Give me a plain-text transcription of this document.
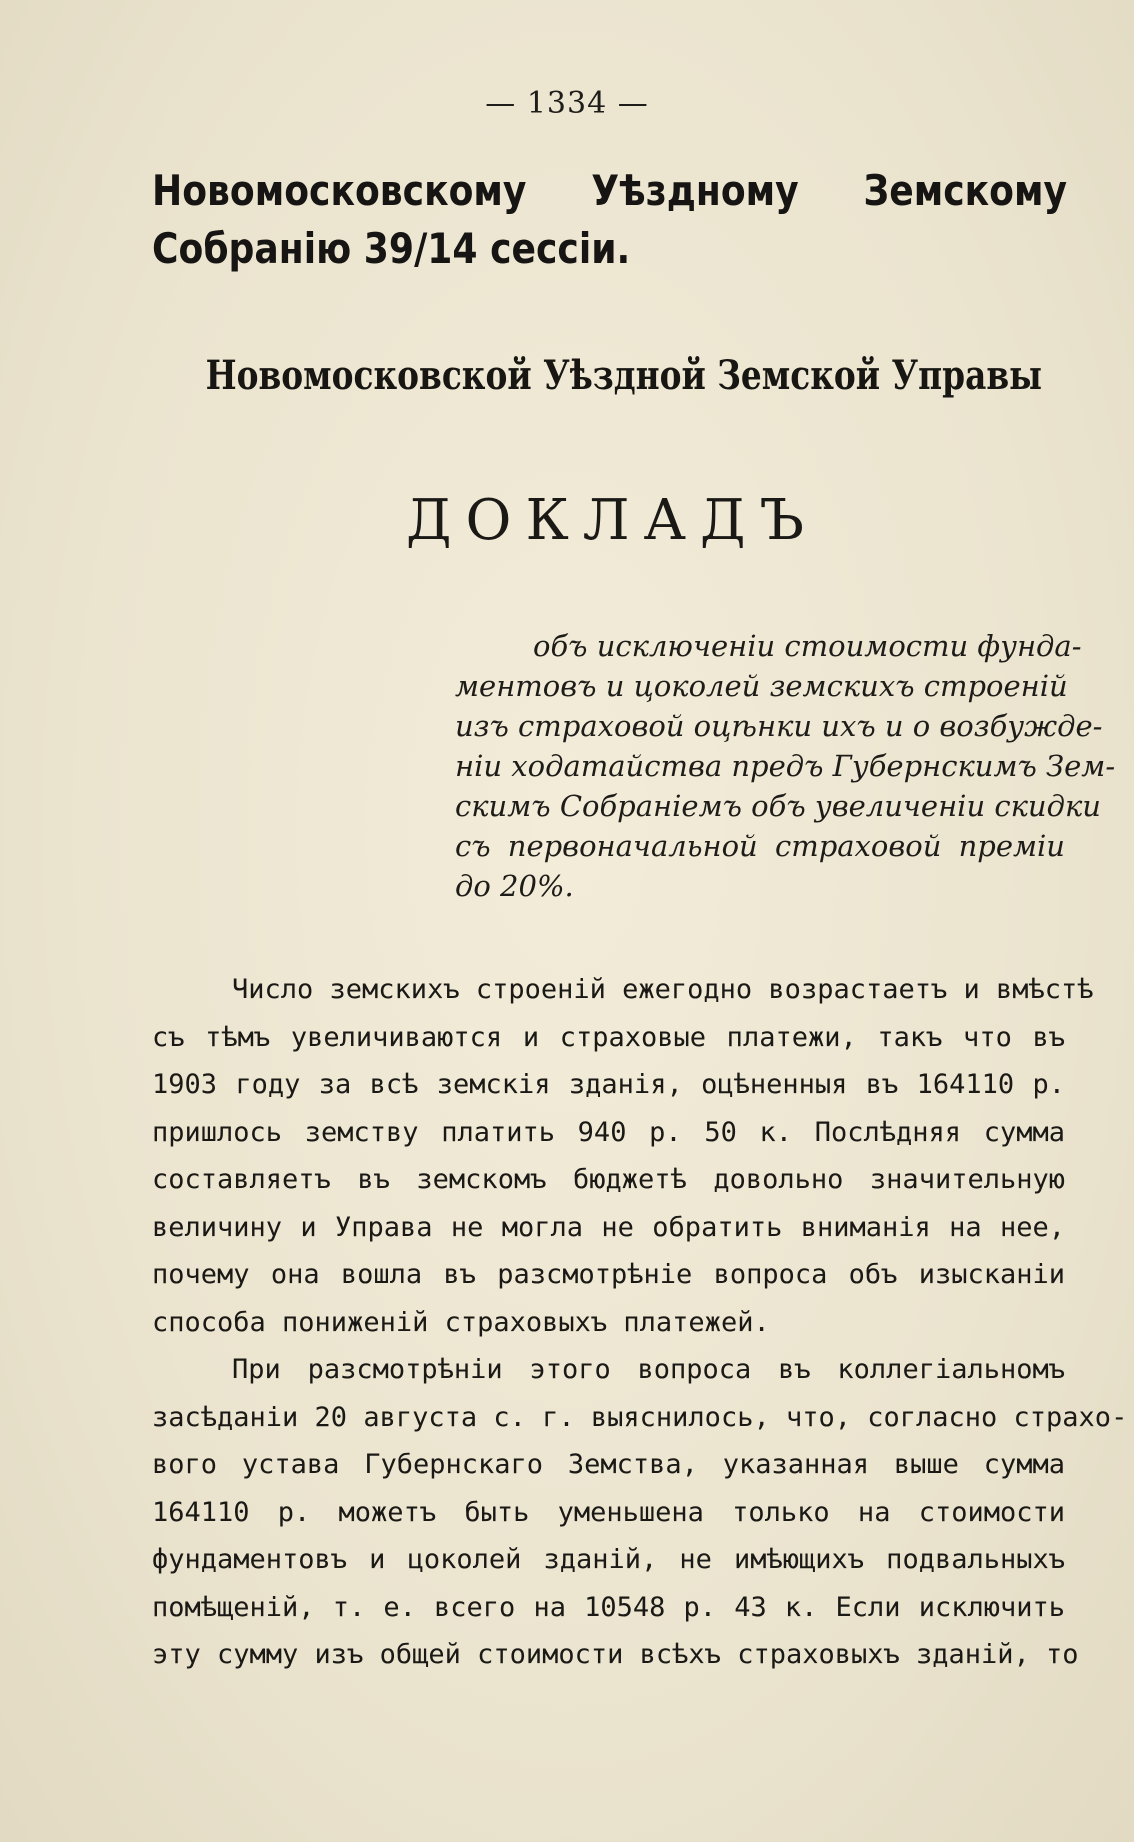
— 1334 —
Новомосковскому Уѣздному Земскому Собранію 39/14 сессіи.
Новомосковской Уѣздной Земской Управы
ДОКЛАДЪ
объ исключеніи стоимости фунда-
ментовъ и цоколей земскихъ строеній
изъ страховой оцѣнки ихъ и о возбужде-
ніи ходатайства предъ Губернскимъ Зем-
скимъ Собраніемъ объ увеличеніи скидки
съ первоначальной страховой преміи
до 20%.
Число земскихъ строеній ежегодно возрастаетъ и вмѣстѣ
съ тѣмъ увеличиваются и страховые платежи, такъ что въ
1903 году за всѣ земскія зданія, оцѣненныя въ 164110 р.
пришлось земству платить 940 р. 50 к. Послѣдняя сумма
составляетъ въ земскомъ бюджетѣ довольно значительную
величину и Управа не могла не обратить вниманія на нее,
почему она вошла въ разсмотрѣніе вопроса объ изысканіи
способа пониженій страховыхъ платежей.
При разсмотрѣніи этого вопроса въ коллегіальномъ
засѣданіи 20 августа с. г. выяснилось, что, согласно страхо-
вого устава Губернскаго Земства, указанная выше сумма
164110 р. можетъ быть уменьшена только на стоимости
фундаментовъ и цоколей зданій, не имѣющихъ подвальныхъ
помѣщеній, т. е. всего на 10548 р. 43 к. Если исключить
эту сумму изъ общей стоимости всѣхъ страховыхъ зданій, то
